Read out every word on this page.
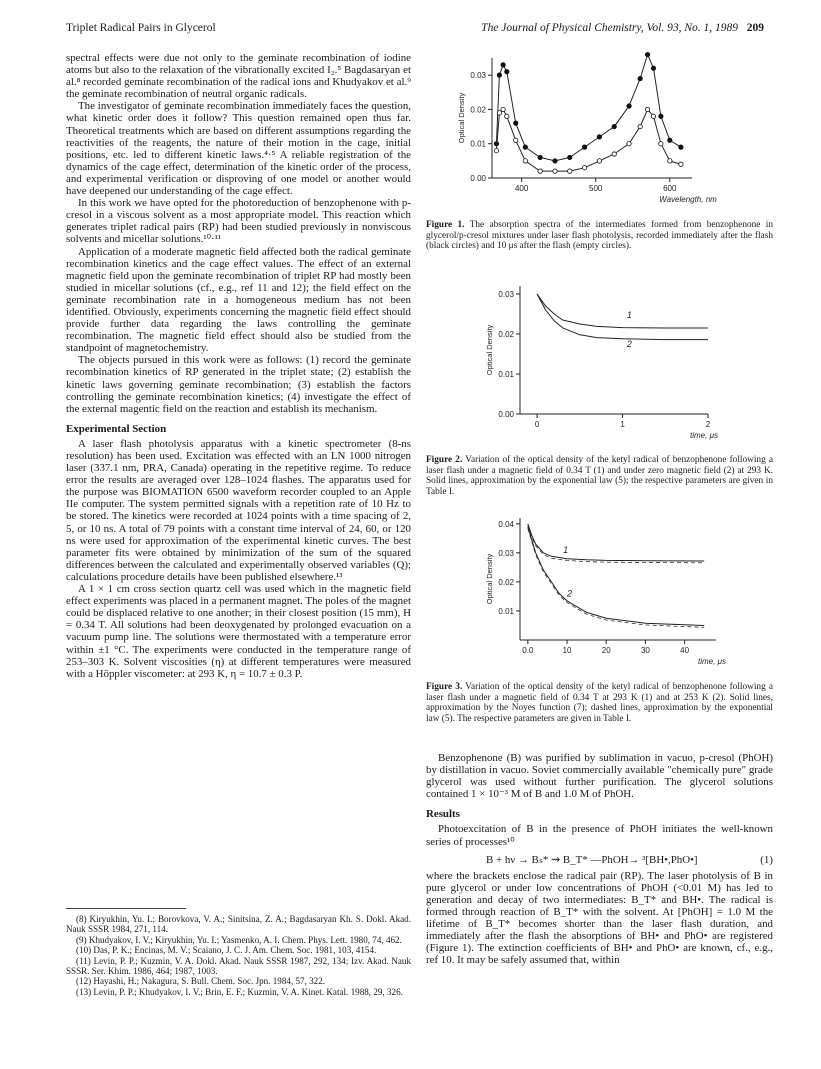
Triplet Radical Pairs in Glycerol	The Journal of Physical Chemistry, Vol. 93, No. 1, 1989 209

spectral effects were due not only to the geminate recombination of iodine atoms but also to the relaxation of the vibrationally excited I₂.⁵ Bagdasaryan et al.⁸ recorded geminate recombination of the radical ions and Khudyakov et al.⁹ the geminate recombination of neutral organic radicals.

The investigator of geminate recombination immediately faces the question, what kinetic order does it follow? This question remained open thus far. Theoretical treatments which are based on different assumptions regarding the reactivities of the reagents, the nature of their motion in the cage, initial positions, etc. led to different kinetic laws.⁴·⁵ A reliable registration of the dynamics of the cage effect, determination of the kinetic order of the process, and experimental verification or disproving of one model or another would have deepened our understanding of the cage effect.

In this work we have opted for the photoreduction of benzophenone with p-cresol in a viscous solvent as a most appropriate model. This reaction which generates triplet radical pairs (RP) had been studied previously in nonviscous solvents and micellar solutions.¹⁰·¹¹

Application of a moderate magnetic field affected both the radical geminate recombination kinetics and the cage effect values. The effect of an external magnetic field upon the geminate recombination of triplet RP had mostly been studied in micellar solutions (cf., e.g., ref 11 and 12); the field effect on the geminate recombination rate in a homogeneous medium has not been identified. Obviously, experiments concerning the magnetic field effect should provide further data regarding the laws controlling the geminate recombination. The magnetic field effect should also be studied from the standpoint of magnetochemistry.

The objects pursued in this work were as follows: (1) record the geminate recombination kinetics of RP generated in the triplet state; (2) establish the kinetic laws governing geminate recombination; (3) establish the factors controlling the geminate recombination kinetics; (4) investigate the effect of the external magentic field on the reaction and establish its mechanism.

Experimental Section

A laser flash photolysis apparatus with a kinetic spectrometer (8-ns resolution) has been used. Excitation was effected with an LN 1000 nitrogen laser (337.1 nm, PRA, Canada) operating in the repetitive regime. To reduce error the results are averaged over 128–1024 flashes. The apparatus used for the purpose was BIOMATION 6500 waveform recorder coupled to an Apple IIe computer. The system permitted signals with a repetition rate of 10 Hz to be stored. The kinetics were recorded at 1024 points with a time spacing of 2, 5, or 10 ns. A total of 79 points with a constant time interval of 24, 60, or 120 ns were used for approximation of the experimental kinetic curves. The best parameter fits were obtained by minimization of the sum of the squared differences between the calculated and experimentally observed variables (Q); calculations procedure details have been published elsewhere.¹³

A 1 × 1 cm cross section quartz cell was used which in the magnetic field effect experiments was placed in a permanent magnet. The poles of the magnet could be displaced relative to one another; in their closest position (15 mm), H = 0.34 T. All solutions had been deoxygenated by prolonged evacuation on a vacuum pump line. The solutions were thermostated with a temperature error within ±1 °C. The experiments were conducted in the temperature range of 253–303 K. Solvent viscosities (η) at different temperatures were measured with a Höppler viscometer: at 293 K, η = 10.7 ± 0.3 P.

(8) Kiryukhin, Yu. I.; Borovkova, V. A.; Sinitsina, Z. A.; Bagdasaryan Kh. S. Dokl. Akad. Nauk SSSR 1984, 271, 114.

(9) Khudyakov, I. V.; Kiryukhin, Yu. I.; Yasmenko, A. I. Chem. Phys. Lett. 1980, 74, 462.

(10) Das, P. K.; Encinas, M. V.; Scaiano, J. C. J. Am. Chem. Soc. 1981, 103, 4154.

(11) Levin, P. P.; Kuzmin, V. A. Dokl. Akad. Nauk SSSR 1987, 292, 134; Izv. Akad. Nauk SSSR. Ser. Khim. 1986, 464; 1987, 1003.

(12) Hayashi, H.; Nakagura, S. Bull. Chem. Soc. Jpn. 1984, 57, 322.

(13) Levin, P. P.; Khudyakov, I. V.; Brin, E. F.; Kuzmin, V. A. Kinet. Katal. 1988, 29, 326.

0.00
0.01
0.02
0.03
400	500	600
Wavelength, nm
Optical Density
Figure 1. The absorption spectra of the intermediates formed from benzophenone in glycerol/p-cresol mixtures under laser flash photolysis, recorded immediately after the flash (black circles) and 10 μs after the flash (empty circles).
0.00
0.01
0.02
0.03
0	1	2
time, μs
Optical Density
1
2
Figure 2. Variation of the optical density of the ketyl radical of benzophenone following a laser flash under a magnetic field of 0.34 T (1) and under zero magnetic field (2) at 293 K. Solid lines, approximation by the exponential law (5); the respective parameters are given in Table I.
0.04
0.03
0.02
0.01
0.0	10	20	30	40
time, μs
Optical Density
1
2
Figure 3. Variation of the optical density of the ketyl radical of benzophenone following a laser flash under a magnetic field of 0.34 T at 293 K (1) and at 253 K (2). Solid lines, approximation by the Noyes function (7); dashed lines, approximation by the exponential law (5). The respective parameters are given in Table I.

Benzophenone (B) was purified by sublimation in vacuo, p-cresol (PhOH) by distillation in vacuo. Soviet commercially available "chemically pure" grade glycerol was used without further purification. The glycerol solutions contained 1 × 10⁻³ M of B and 1.0 M of PhOH.

Results

Photoexcitation of B in the presence of PhOH initiates the well-known series of processes¹⁰

B + hν → Bₛ* ⇝ B_T* —PhOH→ ³[BH•,PhO•]	(1)

where the brackets enclose the radical pair (RP). The laser photolysis of B in pure glycerol or under low concentrations of PhOH (<0.01 M) has led to generation and decay of two intermediates: B_T* and BH•. The radical is formed through reaction of B_T* with the solvent. At [PhOH] = 1.0 M the lifetime of B_T* becomes shorter than the laser flash duration, and immediately after the flash the absorptions of BH• and PhO• are registered (Figure 1). The extinction coefficients of BH• and PhO• are known, cf., e.g., ref 10. It may be safely assumed that, within
